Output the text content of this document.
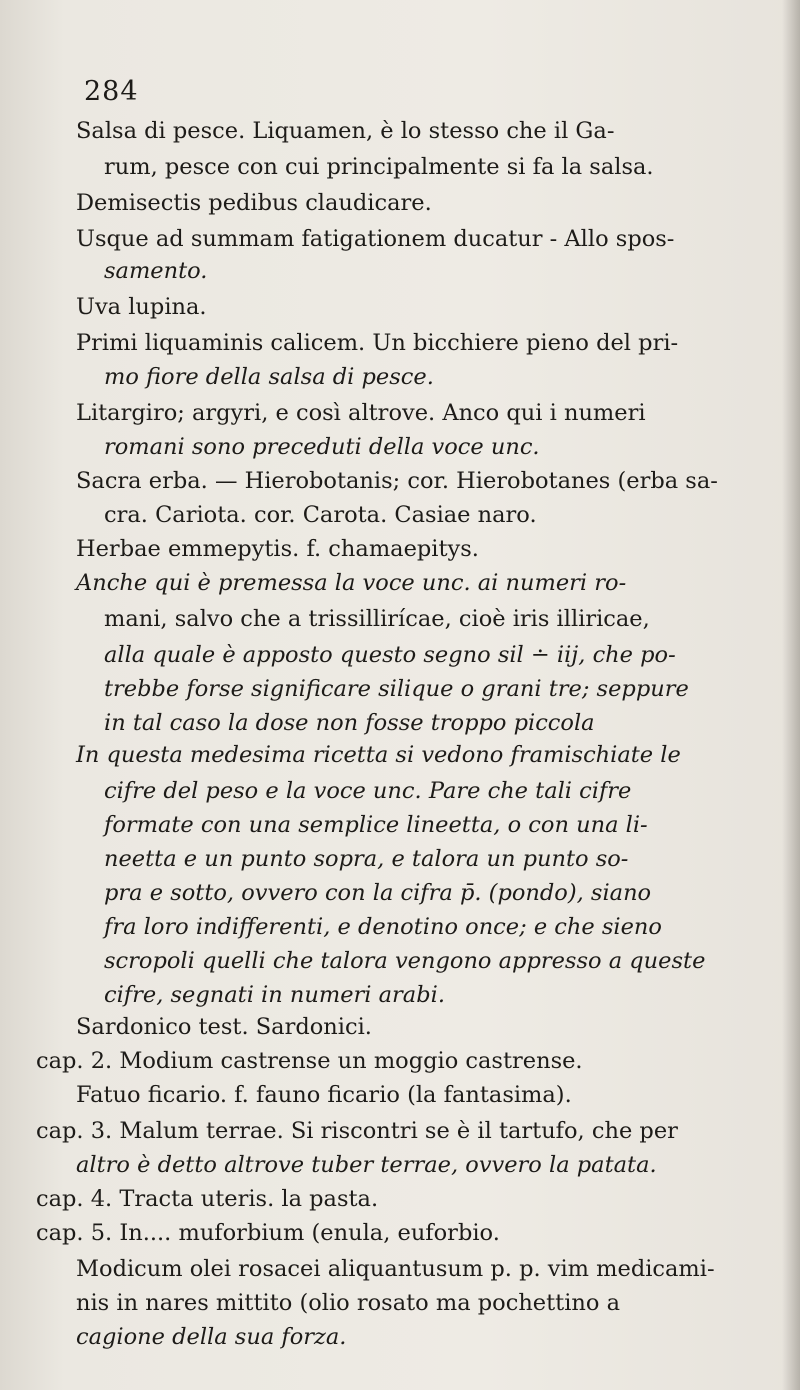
284
Salsa di pesce. Liquamen, è lo stesso che il Ga-
rum, pesce con cui principalmente si fa la salsa.
Demisectis pedibus claudicare.
Usque ad summam fatigationem ducatur - Allo spos-
samento.
Uva lupina.
Primi liquaminis calicem. Un bicchiere pieno del pri-
mo fiore della salsa di pesce.
Litargiro; argyri, e così altrove. Anco qui i numeri
romani sono preceduti della voce unc.
Sacra erba. — Hierobotanis; cor. Hierobotanes (erba sa-
cra. Cariota. cor. Carota. Casiae naro.
Herbae emmepytis. f. chamaepitys.
Anche qui è premessa la voce unc. ai numeri ro-
mani, salvo che a trissillirícae, cioè iris illiricae,
alla quale è apposto questo segno sil ∸ iij, che po-
trebbe forse significare silique o grani tre; seppure
in tal caso la dose non fosse troppo piccola
In questa medesima ricetta si vedono framischiate le
cifre del peso e la voce unc. Pare che tali cifre
formate con una semplice lineetta, o con una li-
neetta e un punto sopra, e talora un punto so-
pra e sotto, ovvero con la cifra p̄. (pondo), siano
fra loro indifferenti, e denotino once; e che sieno
scropoli quelli che talora vengono appresso a queste
cifre, segnati in numeri arabi.
Sardonico test. Sardonici.
cap. 2. Modium castrense un moggio castrense.
Fatuo ficario. f. fauno ficario (la fantasima).
cap. 3. Malum terrae. Si riscontri se è il tartufo, che per
altro è detto altrove tuber terrae, ovvero la patata.
cap. 4. Tracta uteris. la pasta.
cap. 5. In.... muforbium (enula, euforbio.
Modicum olei rosacei aliquantusum p. p. vim medicami-
nis in nares mittito (olio rosato ma pochettino a
cagione della sua forza.
